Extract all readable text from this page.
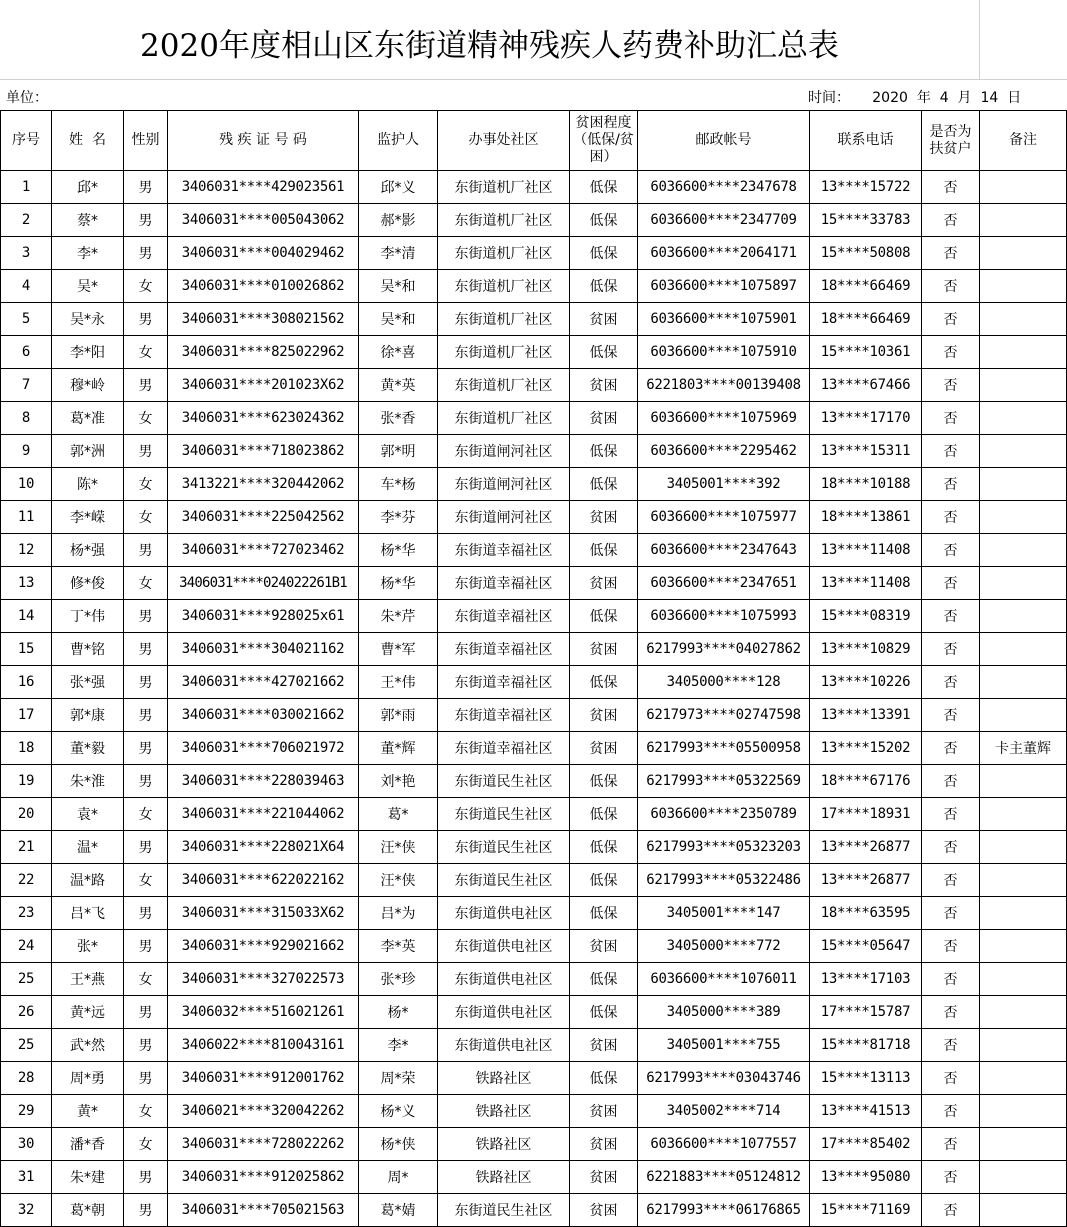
2020年度相山区东街道精神残疾人药费补助汇总表
单位：	时间： 2020 年 4 月 14 日
序号	姓  名	性别	残 疾 证 号 码	监护人	办事处社区	贫困程度（低保/贫困）	邮政帐号	联系电话	是否为扶贫户	备注
1	邱*	男	3406031****429023561	邱*义	东街道机厂社区	低保	6036600****2347678	13****15722	否	
2	蔡*	男	3406031****005043062	郝*影	东街道机厂社区	低保	6036600****2347709	15****33783	否	
3	李*	男	3406031****004029462	李*清	东街道机厂社区	低保	6036600****2064171	15****50808	否	
4	吴*	女	3406031****010026862	吴*和	东街道机厂社区	低保	6036600****1075897	18****66469	否	
5	吴*永	男	3406031****308021562	吴*和	东街道机厂社区	贫困	6036600****1075901	18****66469	否	
6	李*阳	女	3406031****825022962	徐*喜	东街道机厂社区	低保	6036600****1075910	15****10361	否	
7	穆*岭	男	3406031****201023X62	黄*英	东街道机厂社区	贫困	6221803****00139408	13****67466	否	
8	葛*准	女	3406031****623024362	张*香	东街道机厂社区	贫困	6036600****1075969	13****17170	否	
9	郭*洲	男	3406031****718023862	郭*明	东街道闸河社区	低保	6036600****2295462	13****15311	否	
10	陈*	女	3413221****320442062	车*杨	东街道闸河社区	低保	3405001****392	18****10188	否	
11	李*嵘	女	3406031****225042562	李*芬	东街道闸河社区	贫困	6036600****1075977	18****13861	否	
12	杨*强	男	3406031****727023462	杨*华	东街道幸福社区	低保	6036600****2347643	13****11408	否	
13	修*俊	女	3406031****024022261B1	杨*华	东街道幸福社区	贫困	6036600****2347651	13****11408	否	
14	丁*伟	男	3406031****928025x61	朱*芹	东街道幸福社区	低保	6036600****1075993	15****08319	否	
15	曹*铭	男	3406031****304021162	曹*军	东街道幸福社区	贫困	6217993****04027862	13****10829	否	
16	张*强	男	3406031****427021662	王*伟	东街道幸福社区	低保	3405000****128	13****10226	否	
17	郭*康	男	3406031****030021662	郭*雨	东街道幸福社区	贫困	6217973****02747598	13****13391	否	
18	董*毅	男	3406031****706021972	董*辉	东街道幸福社区	贫困	6217993****05500958	13****15202	否	卡主董辉
19	朱*淮	男	3406031****228039463	刘*艳	东街道民生社区	低保	6217993****05322569	18****67176	否	
20	袁*	女	3406031****221044062	葛*	东街道民生社区	低保	6036600****2350789	17****18931	否	
21	温*	男	3406031****228021X64	汪*侠	东街道民生社区	低保	6217993****05323203	13****26877	否	
22	温*路	女	3406031****622022162	汪*侠	东街道民生社区	低保	6217993****05322486	13****26877	否	
23	吕*飞	男	3406031****315033X62	吕*为	东街道供电社区	低保	3405001****147	18****63595	否	
24	张*	男	3406031****929021662	李*英	东街道供电社区	贫困	3405000****772	15****05647	否	
25	王*燕	女	3406031****327022573	张*珍	东街道供电社区	低保	6036600****1076011	13****17103	否	
26	黄*远	男	3406032****516021261	杨*	东街道供电社区	低保	3405000****389	17****15787	否	
25	武*然	男	3406022****810043161	李*	东街道供电社区	贫困	3405001****755	15****81718	否	
28	周*勇	男	3406031****912001762	周*荣	铁路社区	低保	6217993****03043746	15****13113	否	
29	黄*	女	3406021****320042262	杨*义	铁路社区	贫困	3405002****714	13****41513	否	
30	潘*香	女	3406031****728022262	杨*侠	铁路社区	贫困	6036600****1077557	17****85402	否	
31	朱*建	男	3406031****912025862	周*	铁路社区	贫困	6221883****05124812	13****95080	否	
32	葛*朝	男	3406031****705021563	葛*婧	东街道民生社区	贫困	6217993****06176865	15****71169	否	
